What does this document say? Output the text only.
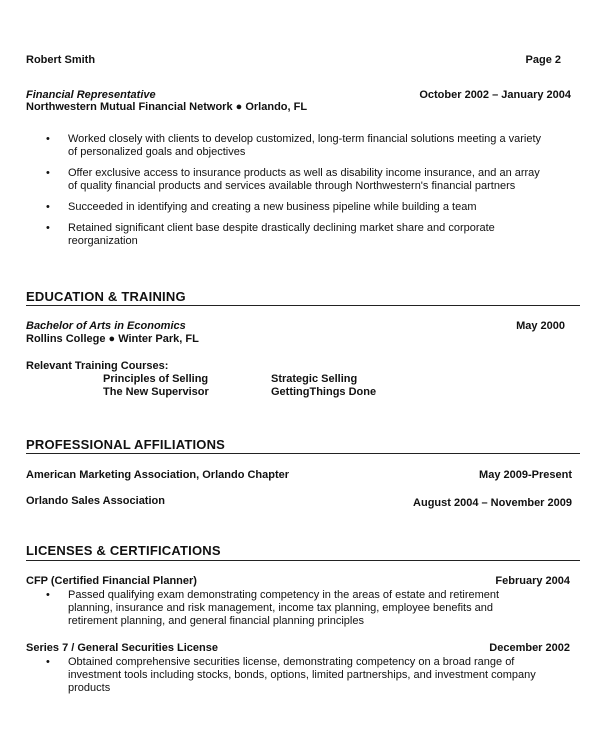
Robert Smith	Page 2
Financial Representative	October 2002 – January 2004
Northwestern Mutual Financial Network ● Orlando, FL
• Worked closely with clients to develop customized, long-term financial solutions meeting a variety of personalized goals and objectives
• Offer exclusive access to insurance products as well as disability income insurance, and an array of quality financial products and services available through Northwestern's financial partners
• Succeeded in identifying and creating a new business pipeline while building a team
• Retained significant client base despite drastically declining market share and corporate reorganization
EDUCATION & TRAINING
Bachelor of Arts in Economics	May 2000
Rollins College ● Winter Park, FL
Relevant Training Courses:
Principles of Selling	Strategic Selling
The New Supervisor	GettingThings Done
PROFESSIONAL AFFILIATIONS
American Marketing Association, Orlando Chapter	May 2009-Present
Orlando Sales Association	August 2004 – November 2009
LICENSES & CERTIFICATIONS
CFP (Certified Financial Planner)	February 2004
• Passed qualifying exam demonstrating competency in the areas of estate and retirement planning, insurance and risk management, income tax planning, employee benefits and retirement planning, and general financial planning principles
Series 7 / General Securities License	December 2002
• Obtained comprehensive securities license, demonstrating competency on a broad range of investment tools including stocks, bonds, options, limited partnerships, and investment company products
